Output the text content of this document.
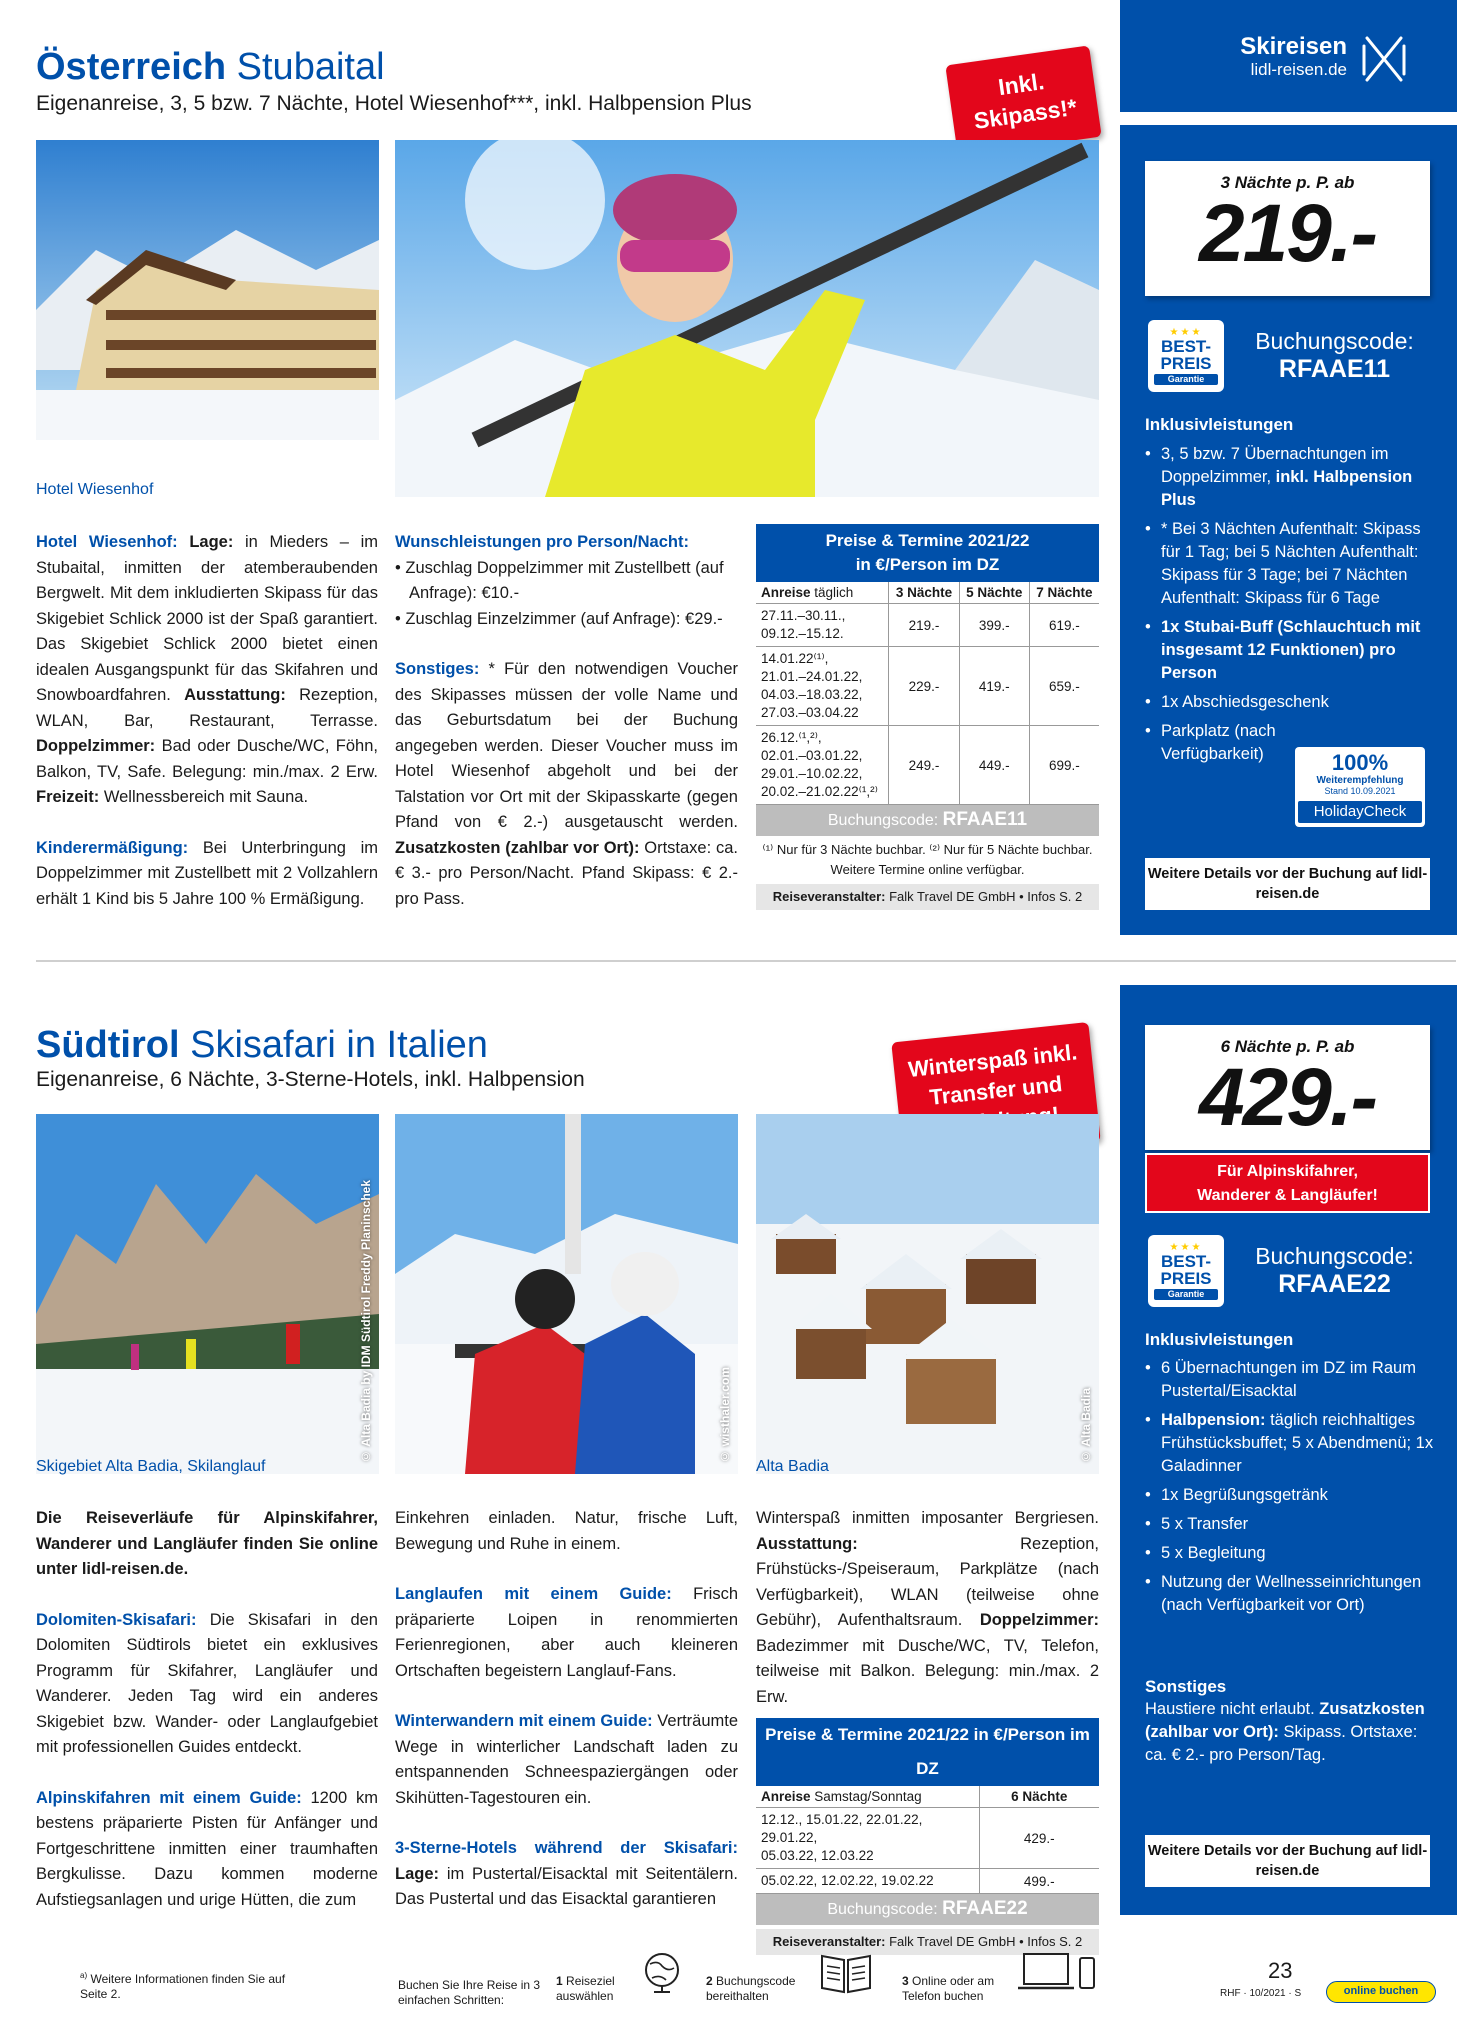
Österreich Stubaital
Eigenanreise, 3, 5 bzw. 7 Nächte, Hotel Wiesenhof***, inkl. Halbpension Plus
Inkl.
Skipass!*
Hotel Wiesenhof

Hotel Wiesenhof: Lage: in Mieders – im Stubaital, inmitten der atemberaubenden Bergwelt. Mit dem inkludierten Skipass für das Skigebiet Schlick 2000 ist der Spaß garantiert. Das Skigebiet Schlick 2000 bietet einen idealen Ausgangspunkt für das Skifahren und Snowboardfahren. Ausstattung: Rezeption, WLAN, Bar, Restaurant, Terrasse. Doppelzimmer: Bad oder Dusche/WC, Föhn, Balkon, TV, Safe. Belegung: min./max. 2 Erw. Freizeit: Wellnessbereich mit Sauna.

Kinderermäßigung: Bei Unterbringung im Doppelzimmer mit Zustellbett mit 2 Vollzahlern erhält 1 Kind bis 5 Jahre 100 % Ermäßigung.

Wunschleistungen pro Person/Nacht:
• Zuschlag Doppelzimmer mit Zustellbett (auf Anfrage): €10.-
• Zuschlag Einzelzimmer (auf Anfrage): €29.-

Sonstiges: * Für den notwendigen Voucher des Skipasses müssen der volle Name und das Geburtsdatum bei der Buchung angegeben werden. Dieser Voucher muss im Hotel Wiesenhof abgeholt und bei der Talstation vor Ort mit der Skipasskarte (gegen Pfand von € 2.-) ausgetauscht werden. Zusatzkosten (zahlbar vor Ort): Ortstaxe: ca. € 3.- pro Person/Nacht. Pfand Skipass: € 2.- pro Pass.

Preise & Termine 2021/22
in €/Person im DZ
Anreise täglich	3 Nächte	5 Nächte	7 Nächte

27.11.–30.11.,
09.12.–15.12.	219.-	399.-	619.-

14.01.22⁽¹⁾,
21.01.–24.01.22,
04.03.–18.03.22,
27.03.–03.04.22	229.-	419.-	659.-

26.12.⁽¹,²⁾,
02.01.–03.01.22,
29.01.–10.02.22,
20.02.–21.02.22⁽¹,²⁾	249.-	449.-	699.-
Buchungscode: RFAAE11
⁽¹⁾ Nur für 3 Nächte buchbar. ⁽²⁾ Nur für 5 Nächte buchbar. Weitere Termine online verfügbar.
Reiseveranstalter: Falk Travel DE GmbH • Infos S. 2
Skireisen
lidl-reisen.de
3 Nächte p. P. ab
219.-
★★★
BEST-
PREIS
Garantie
Buchungscode:
RFAAE11
Inklusivleistungen
• 3, 5 bzw. 7 Übernachtungen im Doppelzimmer, inkl. Halbpension Plus
• * Bei 3 Nächten Aufenthalt: Skipass für 1 Tag; bei 5 Nächten Aufenthalt: Skipass für 3 Tage; bei 7 Nächten Aufenthalt: Skipass für 6 Tage
• 1x Stubai-Buff (Schlauchtuch mit insgesamt 12 Funktionen) pro Person
• 1x Abschiedsgeschenk
• Parkplatz (nach Verfügbarkeit)	100%
Weiterempfehlung
Stand 10.09.2021
HolidayCheck
Weitere Details vor der Buchung auf lidl-reisen.de
Südtirol Skisafari in Italien
Eigenanreise, 6 Nächte, 3-Sterne-Hotels, inkl. Halbpension	Winterspaß inkl.
Transfer und
© Alta Badia by IDM Südtirol Freddy Planinschek
Skigebiet Alta Badia, Skilanglauf
© wisthaler.com	© Alta Badia
Alta Badia

Die Reiseverläufe für Alpinskifahrer, Wanderer und Langläufer finden Sie online unter lidl-reisen.de.

Dolomiten-Skisafari: Die Skisafari in den Dolomiten Südtirols bietet ein exklusives Programm für Skifahrer, Langläufer und Wanderer. Jeden Tag wird ein anderes Skigebiet bzw. Wander- oder Langlaufgebiet mit professionellen Guides entdeckt.

Alpinskifahren mit einem Guide: 1200 km bestens präparierte Pisten für Anfänger und Fortgeschrittene inmitten einer traumhaften Bergkulisse. Dazu kommen moderne Aufstiegsanlagen und urige Hütten, die zum

Einkehren einladen. Natur, frische Luft, Bewegung und Ruhe in einem.

Langlaufen mit einem Guide: Frisch präparierte Loipen in renommierten Ferienregionen, aber auch kleineren Ortschaften begeistern Langlauf-Fans.

Winterwandern mit einem Guide: Verträumte Wege in winterlicher Landschaft laden zu entspannenden Schneespaziergängen oder Skihütten-Tagestouren ein.

3-Sterne-Hotels während der Skisafari: Lage: im Pustertal/Eisacktal mit Seitentälern. Das Pustertal und das Eisacktal garantieren

Winterspaß inmitten imposanter Bergriesen. Ausstattung: Rezeption, Frühstücks-/Speiseraum, Parkplätze (nach Verfügbarkeit), WLAN (teilweise ohne Gebühr), Aufenthaltsraum. Doppelzimmer: Badezimmer mit Dusche/WC, TV, Telefon, teilweise mit Balkon. Belegung: min./max. 2 Erw.

Preise & Termine 2021/22 in €/Person im DZ
Anreise Samstag/Sonntag	6 Nächte

12.12., 15.01.22, 22.01.22, 29.01.22,
05.03.22, 12.03.22	429.-

05.02.22, 12.02.22, 19.02.22	499.-
Buchungscode: RFAAE22
Reiseveranstalter: Falk Travel DE GmbH • Infos S. 2
6 Nächte p. P. ab
429.-
Für Alpinskifahrer,
Wanderer & Langläufer!
★★★
BEST-
PREIS
Garantie
Buchungscode:
RFAAE22
Inklusivleistungen
• 6 Übernachtungen im DZ im Raum Pustertal/Eisacktal
• Halbpension: täglich reichhaltiges Frühstücksbuffet; 5 x Abendmenü; 1x Galadinner
• 1x Begrüßungsgetränk
• 5 x Transfer
• 5 x Begleitung
• Nutzung der Wellnesseinrichtungen (nach Verfügbarkeit vor Ort)
Sonstiges
Haustiere nicht erlaubt. Zusatzkosten (zahlbar vor Ort): Skipass. Ortstaxe: ca. € 2.- pro Person/Tag.
Weitere Details vor der Buchung auf lidl-reisen.de
$^{a)}$ Weitere Informationen finden Sie auf Seite 2.
Buchen Sie Ihre Reise in 3 einfachen Schritten:
1 Reiseziel auswählen
2 Buchungscode bereithalten
3 Online oder am Telefon buchen
23
RHF · 10/2021 · S	online buchen
